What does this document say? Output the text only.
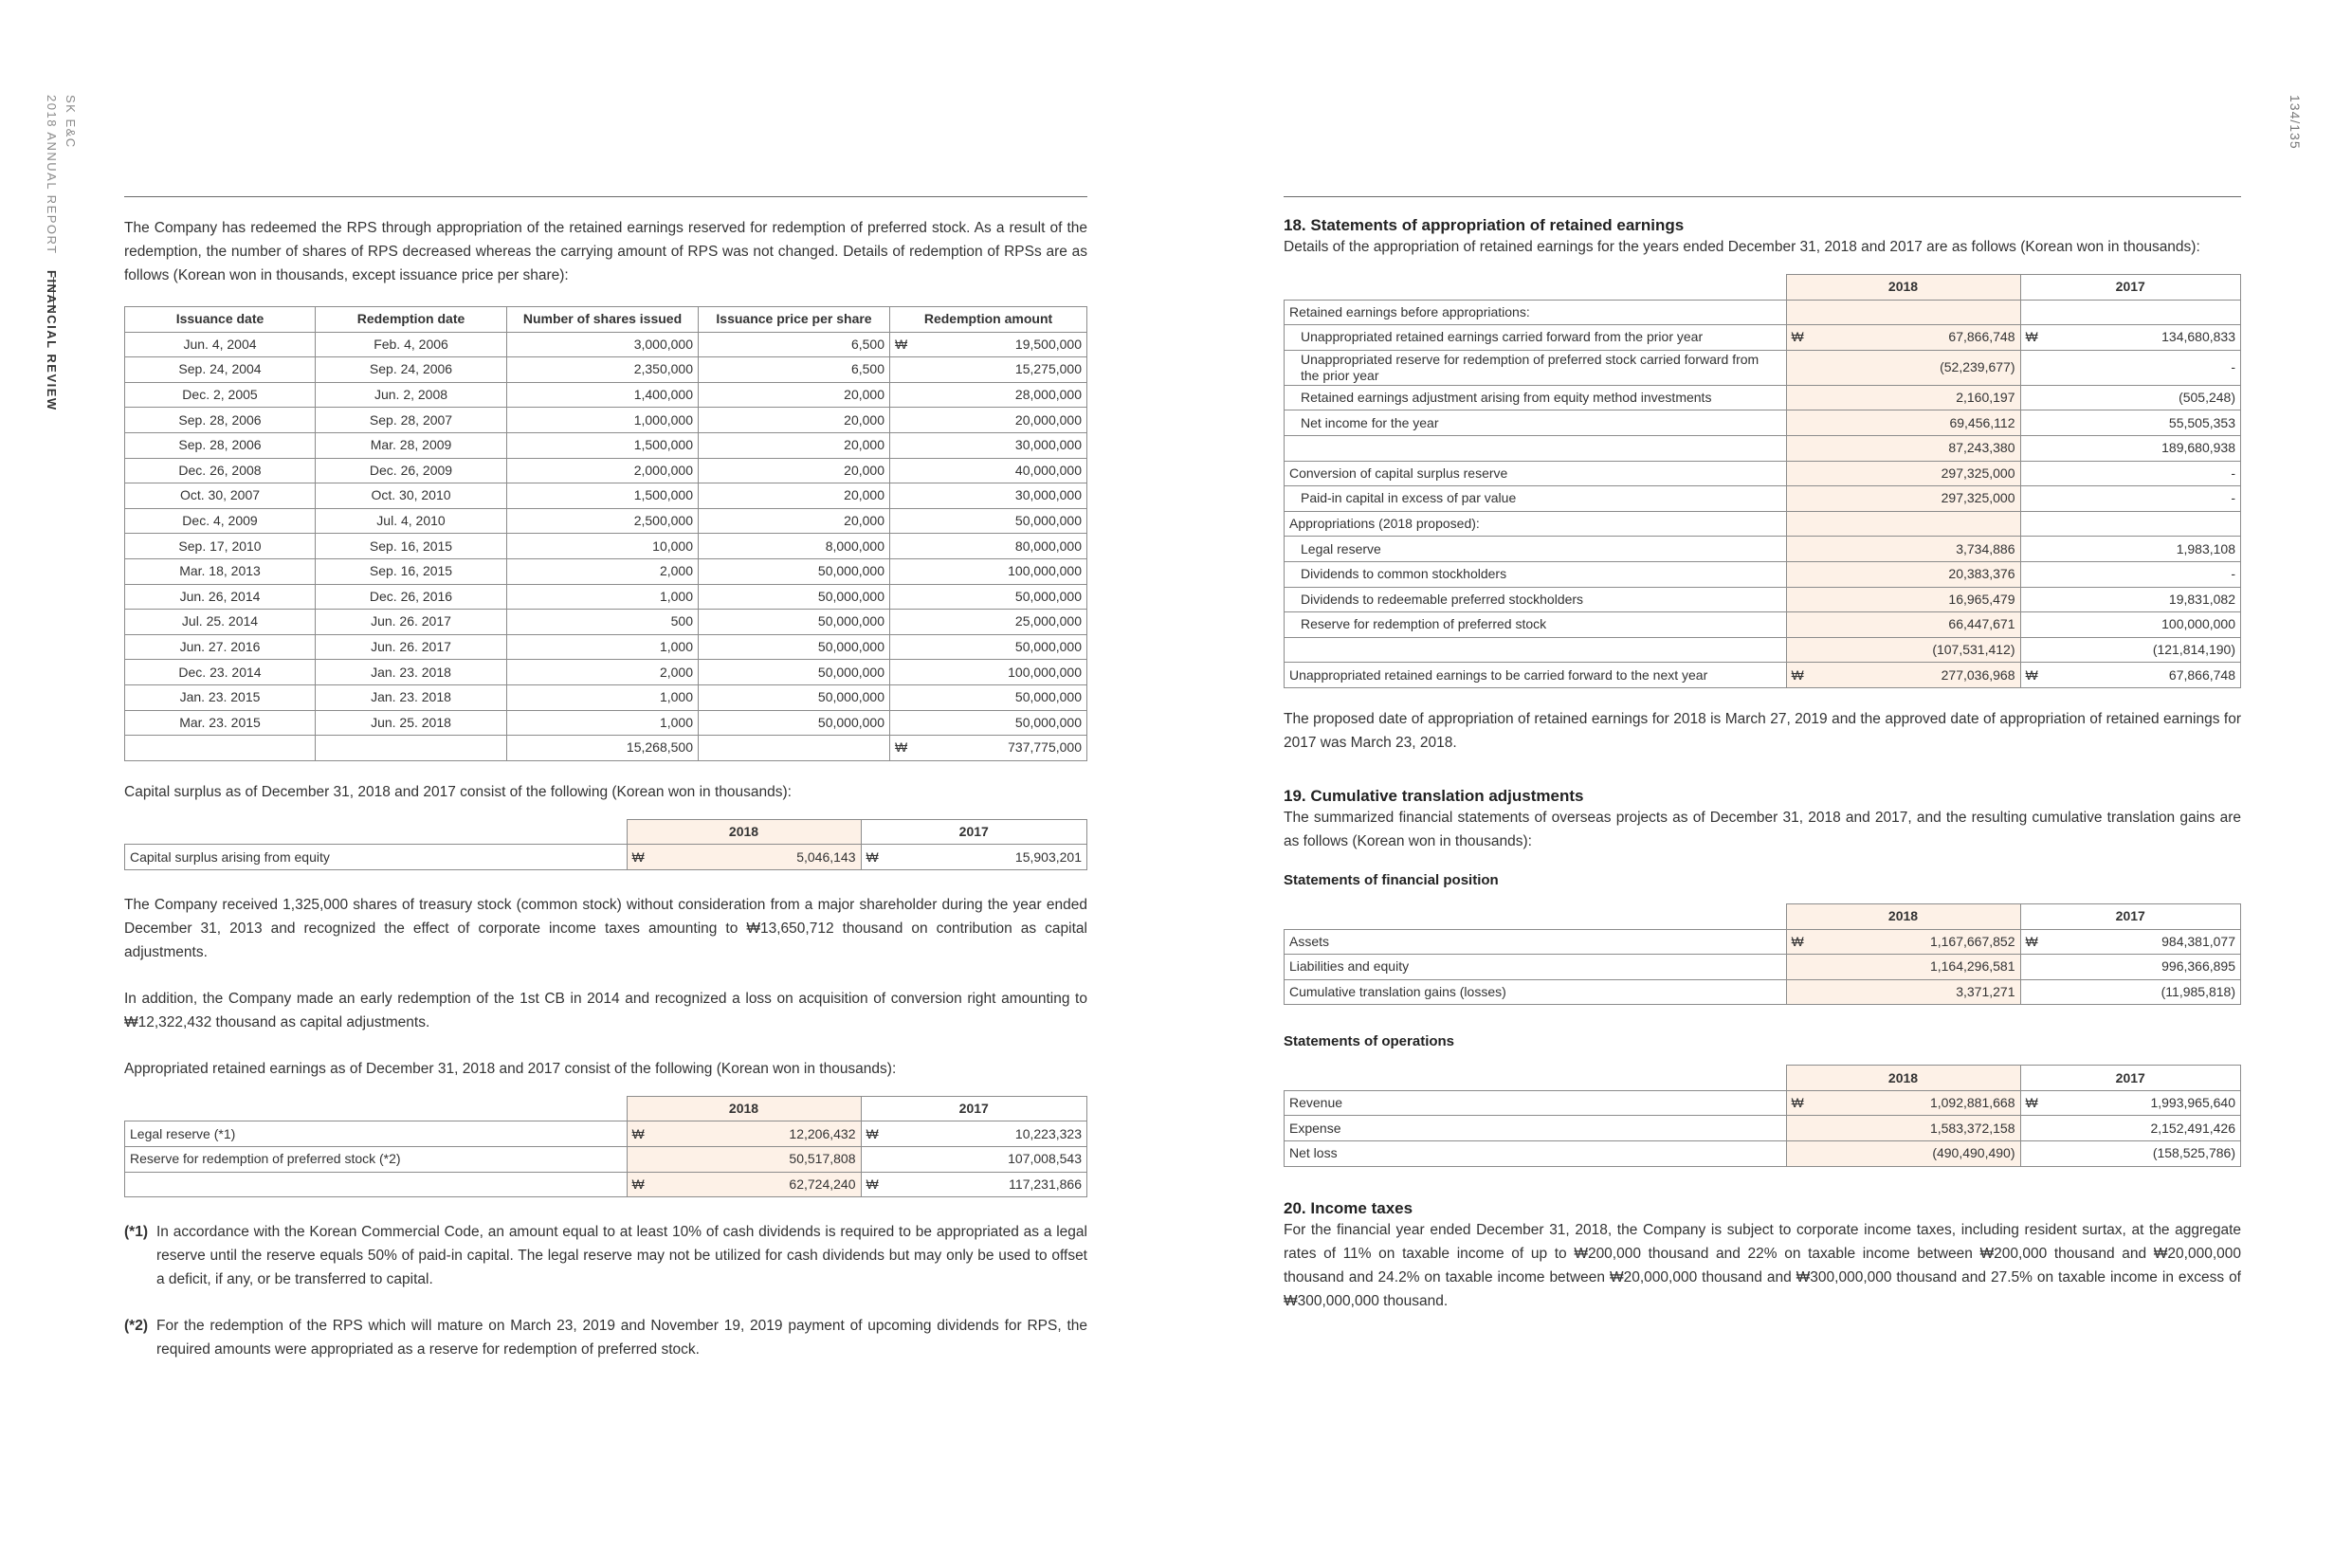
2018 ANNUAL REPORT SK E&C
FINANCIAL REVIEW
134/135

The Company has redeemed the RPS through appropriation of the retained earnings reserved for redemption of preferred stock. As a result of the redemption, the number of shares of RPS decreased whereas the carrying amount of RPS was not changed. Details of redemption of RPSs are as follows (Korean won in thousands, except issuance price per share):

Issuance date	Redemption date	Number of shares issued	Issuance price per share	Redemption amount
Jun. 4, 2004	Feb. 4, 2006	3,000,000	6,500	₩ 19,500,000
Sep. 24, 2004	Sep. 24, 2006	2,350,000	6,500	15,275,000
Dec. 2, 2005	Jun. 2, 2008	1,400,000	20,000	28,000,000
Sep. 28, 2006	Sep. 28, 2007	1,000,000	20,000	20,000,000
Sep. 28, 2006	Mar. 28, 2009	1,500,000	20,000	30,000,000
Dec. 26, 2008	Dec. 26, 2009	2,000,000	20,000	40,000,000
Oct. 30, 2007	Oct. 30, 2010	1,500,000	20,000	30,000,000
Dec. 4, 2009	Jul. 4, 2010	2,500,000	20,000	50,000,000
Sep. 17, 2010	Sep. 16, 2015	10,000	8,000,000	80,000,000
Mar. 18, 2013	Sep. 16, 2015	2,000	50,000,000	100,000,000
Jun. 26, 2014	Dec. 26, 2016	1,000	50,000,000	50,000,000
Jul. 25. 2014	Jun. 26. 2017	500	50,000,000	25,000,000
Jun. 27. 2016	Jun. 26. 2017	1,000	50,000,000	50,000,000
Dec. 23. 2014	Jan. 23. 2018	2,000	50,000,000	100,000,000
Jan. 23. 2015	Jan. 23. 2018	1,000	50,000,000	50,000,000
Mar. 23. 2015	Jun. 25. 2018	1,000	50,000,000	50,000,000
		15,268,500		₩ 737,775,000

Capital surplus as of December 31, 2018 and 2017 consist of the following (Korean won in thousands):

	2018	2017
Capital surplus arising from equity	₩ 5,046,143	₩ 15,903,201

The Company received 1,325,000 shares of treasury stock (common stock) without consideration from a major shareholder during the year ended December 31, 2013 and recognized the effect of corporate income taxes amounting to ₩13,650,712 thousand on contribution as capital adjustments.

In addition, the Company made an early redemption of the 1st CB in 2014 and recognized a loss on acquisition of conversion right amounting to ₩12,322,432 thousand as capital adjustments.

Appropriated retained earnings as of December 31, 2018 and 2017 consist of the following (Korean won in thousands):

	2018	2017
Legal reserve (*1)	₩ 12,206,432	₩ 10,223,323
Reserve for redemption of preferred stock (*2)	50,517,808	107,008,543

	₩ 62,724,240	₩ 117,231,866
(*1) In accordance with the Korean Commercial Code, an amount equal to at least 10% of cash dividends is required to be appropriated as a legal reserve until the reserve equals 50% of paid-in capital. The legal reserve may not be utilized for cash dividends but may only be used to offset a deficit, if any, or be transferred to capital.
(*2) For the redemption of the RPS which will mature on March 23, 2019 and November 19, 2019 payment of upcoming dividends for RPS, the required amounts were appropriated as a reserve for redemption of preferred stock.
18. Statements of appropriation of retained earnings

Details of the appropriation of retained earnings for the years ended December 31, 2018 and 2017 are as follows (Korean won in thousands):

	2018	2017
Retained earnings before appropriations:		
Unappropriated retained earnings carried forward from the prior year	₩ 67,866,748	₩ 134,680,833
Unappropriated reserve for redemption of preferred stock carried forward from the prior year	(52,239,677)	-
Retained earnings adjustment arising from equity method investments	2,160,197	(505,248)
Net income for the year	69,456,112	55,505,353
	87,243,380	189,680,938
Conversion of capital surplus reserve	297,325,000	-
Paid-in capital in excess of par value	297,325,000	-
Appropriations (2018 proposed):		
Legal reserve	3,734,886	1,983,108
Dividends to common stockholders	20,383,376	-
Dividends to redeemable preferred stockholders	16,965,479	19,831,082
Reserve for redemption of preferred stock	66,447,671	100,000,000
	(107,531,412)	(121,814,190)
Unappropriated retained earnings to be carried forward to the next year	₩ 277,036,968	₩ 67,866,748

The proposed date of appropriation of retained earnings for 2018 is March 27, 2019 and the approved date of appropriation of retained earnings for 2017 was March 23, 2018.

19. Cumulative translation adjustments

The summarized financial statements of overseas projects as of December 31, 2018 and 2017, and the resulting cumulative translation gains are as follows (Korean won in thousands):

Statements of financial position
	2018	2017
Assets	₩ 1,167,667,852	₩ 984,381,077
Liabilities and equity	1,164,296,581	996,366,895
Cumulative translation gains (losses)	3,371,271	(11,985,818)
Statements of operations
	2018	2017
Revenue	₩ 1,092,881,668	₩ 1,993,965,640
Expense	1,583,372,158	2,152,491,426
Net loss	(490,490,490)	(158,525,786)
20. Income taxes

For the financial year ended December 31, 2018, the Company is subject to corporate income taxes, including resident surtax, at the aggregate rates of 11% on taxable income of up to ₩200,000 thousand and 22% on taxable income between ₩200,000 thousand and ₩20,000,000 thousand and 24.2% on taxable income between ₩20,000,000 thousand and ₩300,000,000 thousand and 27.5% on taxable income in excess of ₩300,000,000 thousand.
